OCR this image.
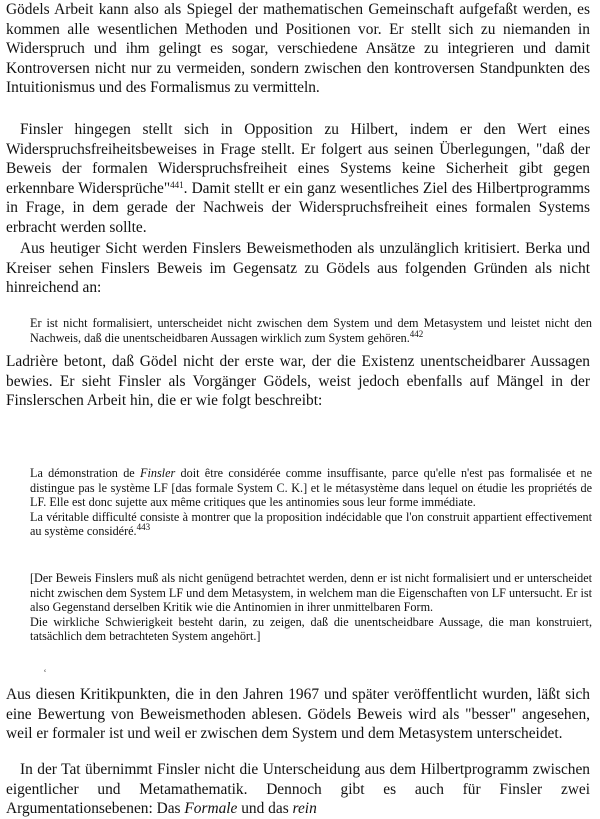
Gödels Arbeit kann also als Spiegel der mathematischen Gemeinschaft aufgefaßt werden, es kommen alle wesentlichen Methoden und Positionen vor. Er stellt sich zu niemanden in Widerspruch und ihm gelingt es sogar, verschiedene Ansätze zu integrieren und damit Kontroversen nicht nur zu vermeiden, sondern zwischen den kontroversen Standpunkten des Intuitionismus und des Formalismus zu vermitteln.

Finsler hingegen stellt sich in Opposition zu Hilbert, indem er den Wert eines Widerspruchsfreiheitsbeweises in Frage stellt. Er folgert aus seinen Überlegungen, "daß der Beweis der formalen Widerspruchsfreiheit eines Systems keine Sicherheit gibt gegen erkennbare Widersprüche"$^{441}$. Damit stellt er ein ganz wesentliches Ziel des Hilbertprogramms in Frage, in dem gerade der Nachweis der Widerspruchsfreiheit eines formalen Systems erbracht werden sollte.

Aus heutiger Sicht werden Finslers Beweismethoden als unzulänglich kritisiert. Berka und Kreiser sehen Finslers Beweis im Gegensatz zu Gödels aus folgenden Gründen als nicht hinreichend an:

Er ist nicht formalisiert, unterscheidet nicht zwischen dem System und dem Metasystem und leistet nicht den Nachweis, daß die unentscheidbaren Aussagen wirklich zum System gehören.$^{442}$

Ladrière betont, daß Gödel nicht der erste war, der die Existenz unentscheidbarer Aussagen bewies. Er sieht Finsler als Vorgänger Gödels, weist jedoch ebenfalls auf Mängel in der Finslerschen Arbeit hin, die er wie folgt beschreibt:

La démonstration de Finsler doit être considérée comme insuffisante, parce qu'elle n'est pas formalisée et ne distingue pas le système LF [das formale System C. K.] et le métasystème dans lequel on étudie les propriétés de LF. Elle est donc sujette aux même critiques que les antinomies sous leur forme immédiate.
La véritable difficulté consiste à montrer que la proposition indécidable que l'on construit appartient effectivement au système considéré.$^{443}$

[Der Beweis Finslers muß als nicht genügend betrachtet werden, denn er ist nicht formalisiert und er unterscheidet nicht zwischen dem System LF und dem Metasystem, in welchem man die Eigenschaften von LF untersucht. Er ist also Gegenstand derselben Kritik wie die Antinomien in ihrer unmittelbaren Form.
Die wirkliche Schwierigkeit besteht darin, zu zeigen, daß die unentscheidbare Aussage, die man konstruiert, tatsächlich dem betrachteten System angehört.]

ʿ

Aus diesen Kritikpunkten, die in den Jahren 1967 und später veröffentlicht wurden, läßt sich eine Bewertung von Beweismethoden ablesen. Gödels Beweis wird als "besser" angesehen, weil er formaler ist und weil er zwischen dem System und dem Metasystem unterscheidet.

In der Tat übernimmt Finsler nicht die Unterscheidung aus dem Hilbertprogramm zwischen eigentlicher und Metamathematik. Dennoch gibt es auch für Finsler zwei Argumentationsebenen: Das Formale und das rein
